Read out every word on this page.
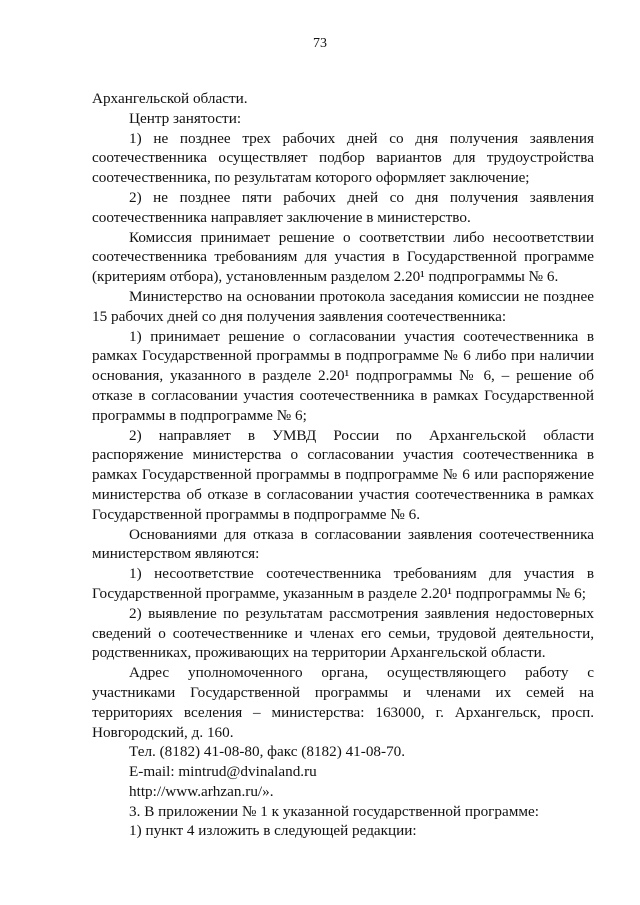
73

Архангельской области.

Центр занятости:

1) не позднее трех рабочих дней со дня получения заявления соотечественника осуществляет подбор вариантов для трудоустройства соотечественника, по результатам которого оформляет заключение;

2) не позднее пяти рабочих дней со дня получения заявления соотечественника направляет заключение в министерство.

Комиссия принимает решение о соответствии либо несоответствии соотечественника требованиям для участия в Государственной программе (критериям отбора), установленным разделом 2.20¹ подпрограммы № 6.

Министерство на основании протокола заседания комиссии не позднее 15 рабочих дней со дня получения заявления соотечественника:

1) принимает решение о согласовании участия соотечественника в рамках Государственной программы в подпрограмме № 6 либо при наличии основания, указанного в разделе 2.20¹ подпрограммы № 6, – решение об отказе в согласовании участия соотечественника в рамках Государственной программы в подпрограмме № 6;

2) направляет в УМВД России по Архангельской области распоряжение министерства о согласовании участия соотечественника в рамках Государственной программы в подпрограмме № 6 или распоряжение министерства об отказе в согласовании участия соотечественника в рамках Государственной программы в подпрограмме № 6.

Основаниями для отказа в согласовании заявления соотечественника министерством являются:

1) несоответствие соотечественника требованиям для участия в Государственной программе, указанным в разделе 2.20¹ подпрограммы № 6;

2) выявление по результатам рассмотрения заявления недостоверных сведений о соотечественнике и членах его семьи, трудовой деятельности, родственниках, проживающих на территории Архангельской области.

Адрес уполномоченного органа, осуществляющего работу с участниками Государственной программы и членами их семей на территориях вселения – министерства: 163000, г. Архангельск, просп. Новгородский, д. 160.

Тел. (8182) 41-08-80, факс (8182) 41-08-70.

E-mail: mintrud@dvinaland.ru

http://www.arhzan.ru/».

3. В приложении № 1 к указанной государственной программе:

1) пункт 4 изложить в следующей редакции:
